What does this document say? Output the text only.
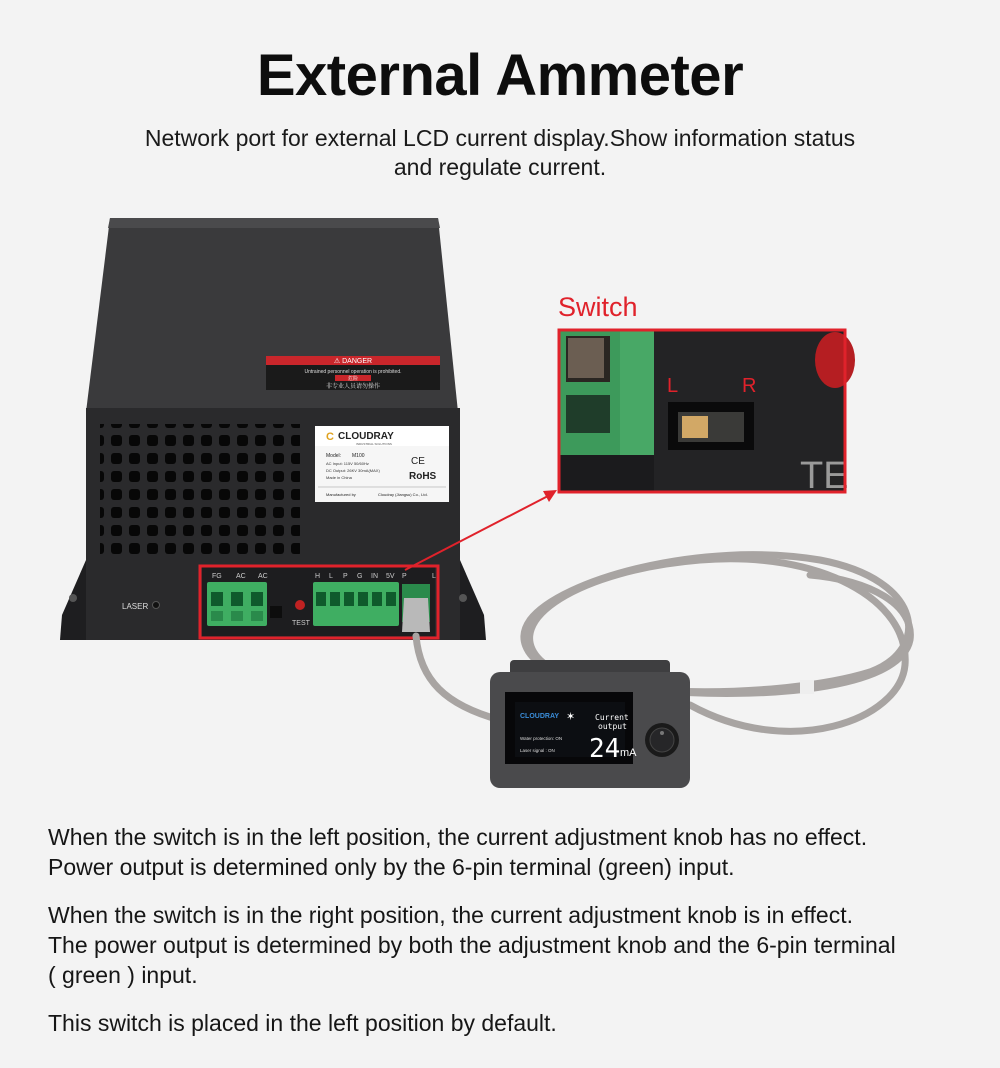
External Ammeter
Network port for external LCD current display.Show information status
and regulate current.
⚠ DANGER
Untrained personnel operation is prohibited.
危险
非专业人员请勿操作
C CLOUDRAY
INDUSTRIAL SOLUTIONS
Model: M100
AC Input: 115V 50/60Hz
DC Output: 26KV 30mA(MAX)
Made in China
CE
RoHS
Manufactured by	Cloudray (Jiangsu) Co., Ltd.
LASER
FG AC AC
TEST
H L P G IN 5V P	L
Switch
L	R
TE
CLOUDRAY ✶ Current
output
Water protection: ON
Laser signal : ON 24 mA
When the switch is in the left position, the current adjustment knob has no effect.
Power output is determined only by the 6-pin terminal (green) input.
When the switch is in the right position, the current adjustment knob is in effect.
The power output is determined by both the adjustment knob and the 6-pin terminal
( green ) input.
This switch is placed in the left position by default.
